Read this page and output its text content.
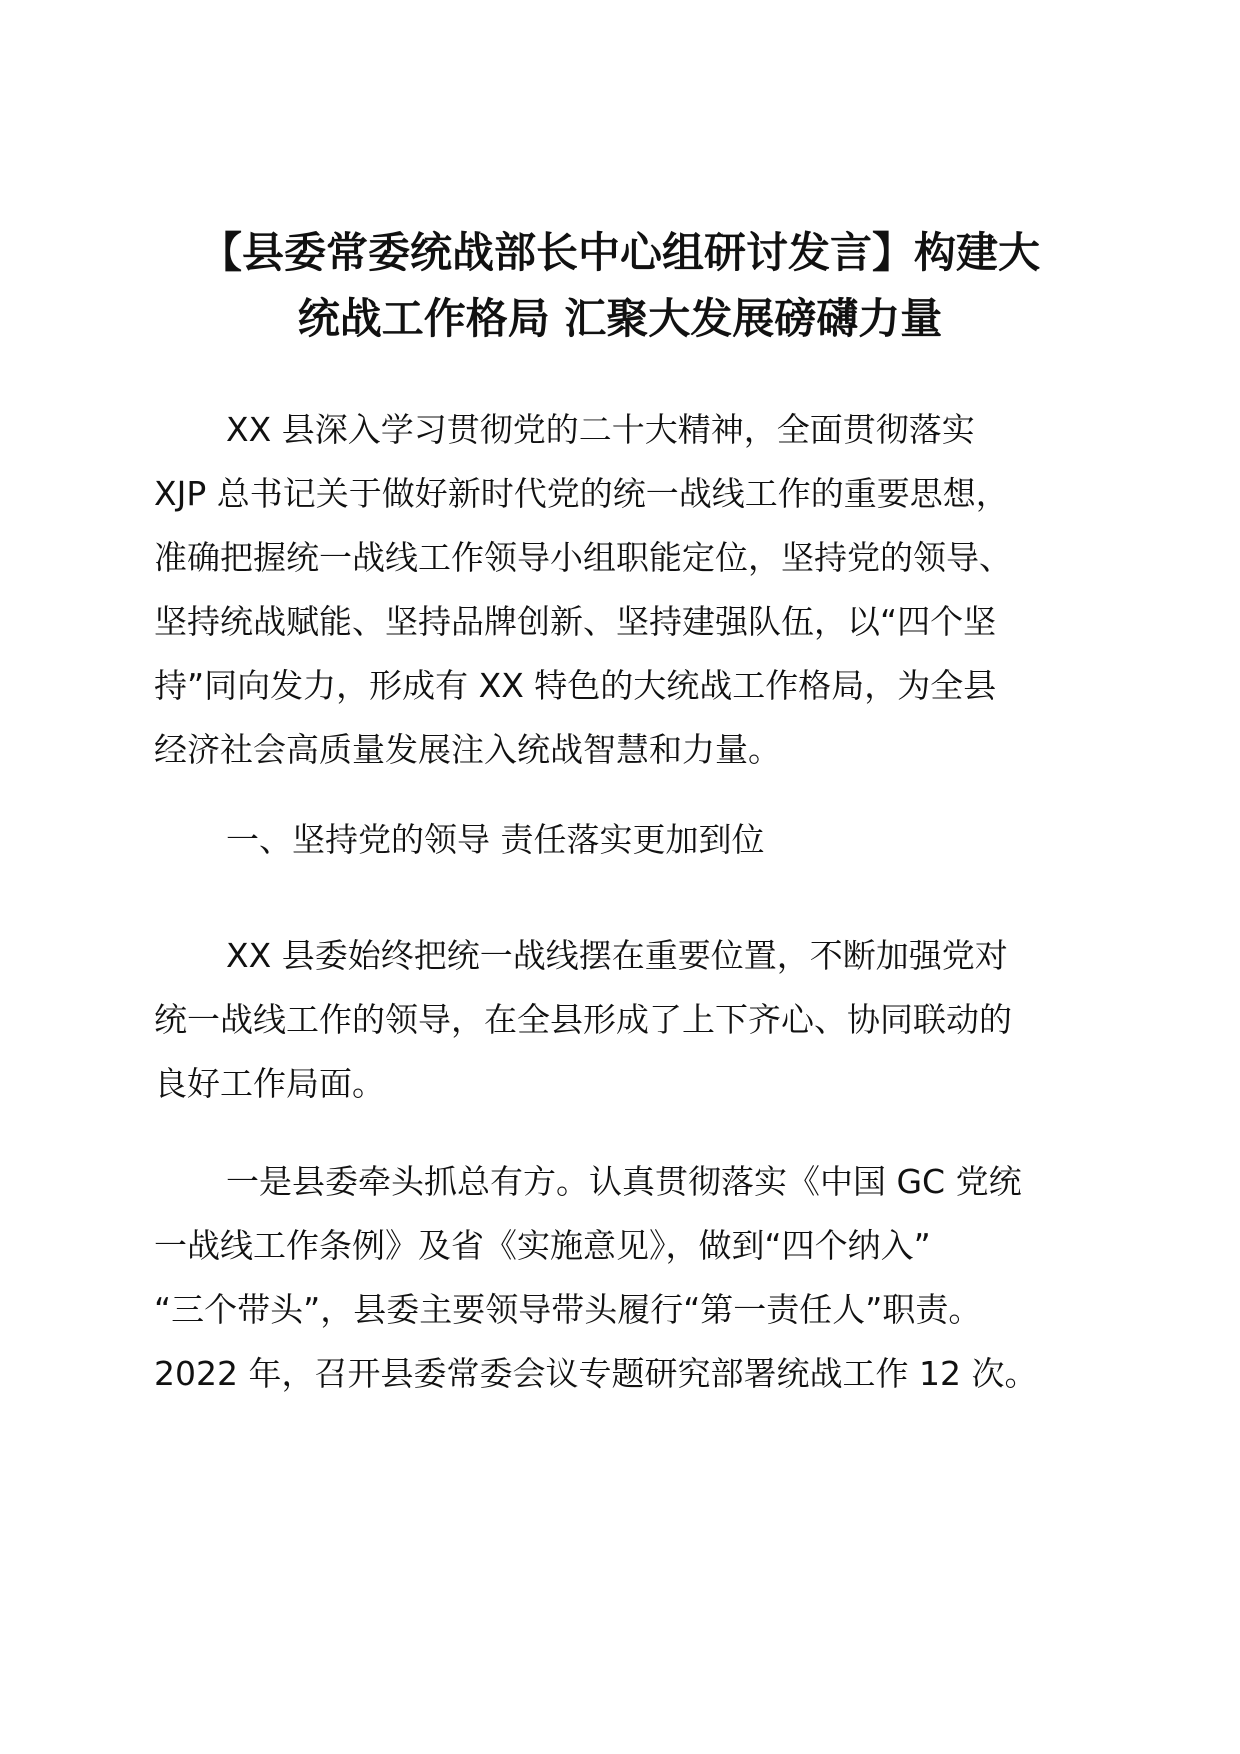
【县委常委统战部长中心组研讨发言】构建大
统战工作格局 汇聚大发展磅礴力量

XX 县深入学习贯彻党的二十大精神，全面贯彻落实
XJP 总书记关于做好新时代党的统一战线工作的重要思想，
准确把握统一战线工作领导小组职能定位，坚持党的领导、
坚持统战赋能、坚持品牌创新、坚持建强队伍，以“四个坚
持”同向发力，形成有 XX 特色的大统战工作格局，为全县
经济社会高质量发展注入统战智慧和力量。

一、坚持党的领导 责任落实更加到位

XX 县委始终把统一战线摆在重要位置，不断加强党对
统一战线工作的领导，在全县形成了上下齐心、协同联动的
良好工作局面。

一是县委牵头抓总有方。认真贯彻落实《中国 GC 党统
一战线工作条例》及省《实施意见》，做到“四个纳入”
“三个带头”，县委主要领导带头履行“第一责任人”职责。
2022 年，召开县委常委会议专题研究部署统战工作 12 次。
